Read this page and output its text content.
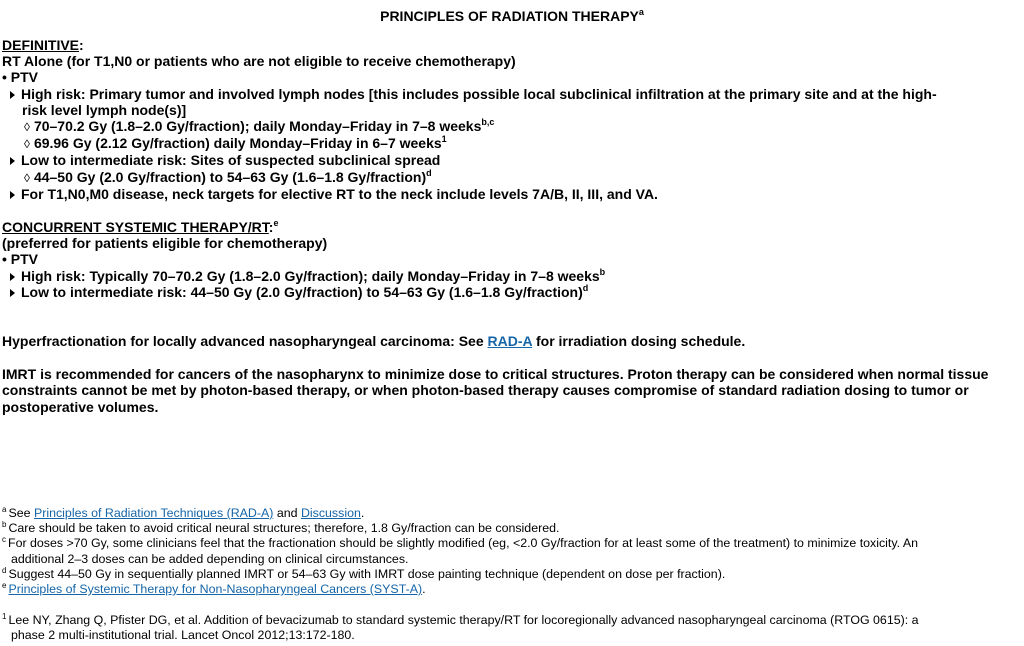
PRINCIPLES OF RADIATION THERAPY$^a$
DEFINITIVE:
RT Alone (for T1,N0 or patients who are not eligible to receive chemotherapy)
• PTV
High risk: Primary tumor and involved lymph nodes [this includes possible local subclinical infiltration at the primary site and at the high-
risk level lymph node(s)]
◊ 70–70.2 Gy (1.8–2.0 Gy/fraction); daily Monday–Friday in 7–8 weeks$^{b,c}$
◊ 69.96 Gy (2.12 Gy/fraction) daily Monday–Friday in 6–7 weeks$^1$
Low to intermediate risk: Sites of suspected subclinical spread
◊ 44–50 Gy (2.0 Gy/fraction) to 54–63 Gy (1.6–1.8 Gy/fraction)$^d$
For T1,N0,M0 disease, neck targets for elective RT to the neck include levels 7A/B, II, III, and VA.
CONCURRENT SYSTEMIC THERAPY/RT:$^e$
(preferred for patients eligible for chemotherapy)
• PTV
High risk: Typically 70–70.2 Gy (1.8–2.0 Gy/fraction); daily Monday–Friday in 7–8 weeks$^b$
Low to intermediate risk: 44–50 Gy (2.0 Gy/fraction) to 54–63 Gy (1.6–1.8 Gy/fraction)$^d$
Hyperfractionation for locally advanced nasopharyngeal carcinoma: See RAD-A for irradiation dosing schedule.
IMRT is recommended for cancers of the nasopharynx to minimize dose to critical structures. Proton therapy can be considered when normal tissue constraints cannot be met by photon-based therapy, or when photon-based therapy causes compromise of standard radiation dosing to tumor or postoperative volumes.
$^a$ See Principles of Radiation Techniques (RAD-A) and Discussion.
$^b$ Care should be taken to avoid critical neural structures; therefore, 1.8 Gy/fraction can be considered.
$^c$ For doses >70 Gy, some clinicians feel that the fractionation should be slightly modified (eg, <2.0 Gy/fraction for at least some of the treatment) to minimize toxicity. An
additional 2–3 doses can be added depending on clinical circumstances.
$^d$ Suggest 44–50 Gy in sequentially planned IMRT or 54–63 Gy with IMRT dose painting technique (dependent on dose per fraction).
$^e$ Principles of Systemic Therapy for Non-Nasopharyngeal Cancers (SYST-A).
$^1$ Lee NY, Zhang Q, Pfister DG, et al. Addition of bevacizumab to standard systemic therapy/RT for locoregionally advanced nasopharyngeal carcinoma (RTOG 0615): a
phase 2 multi-institutional trial. Lancet Oncol 2012;13:172-180.
